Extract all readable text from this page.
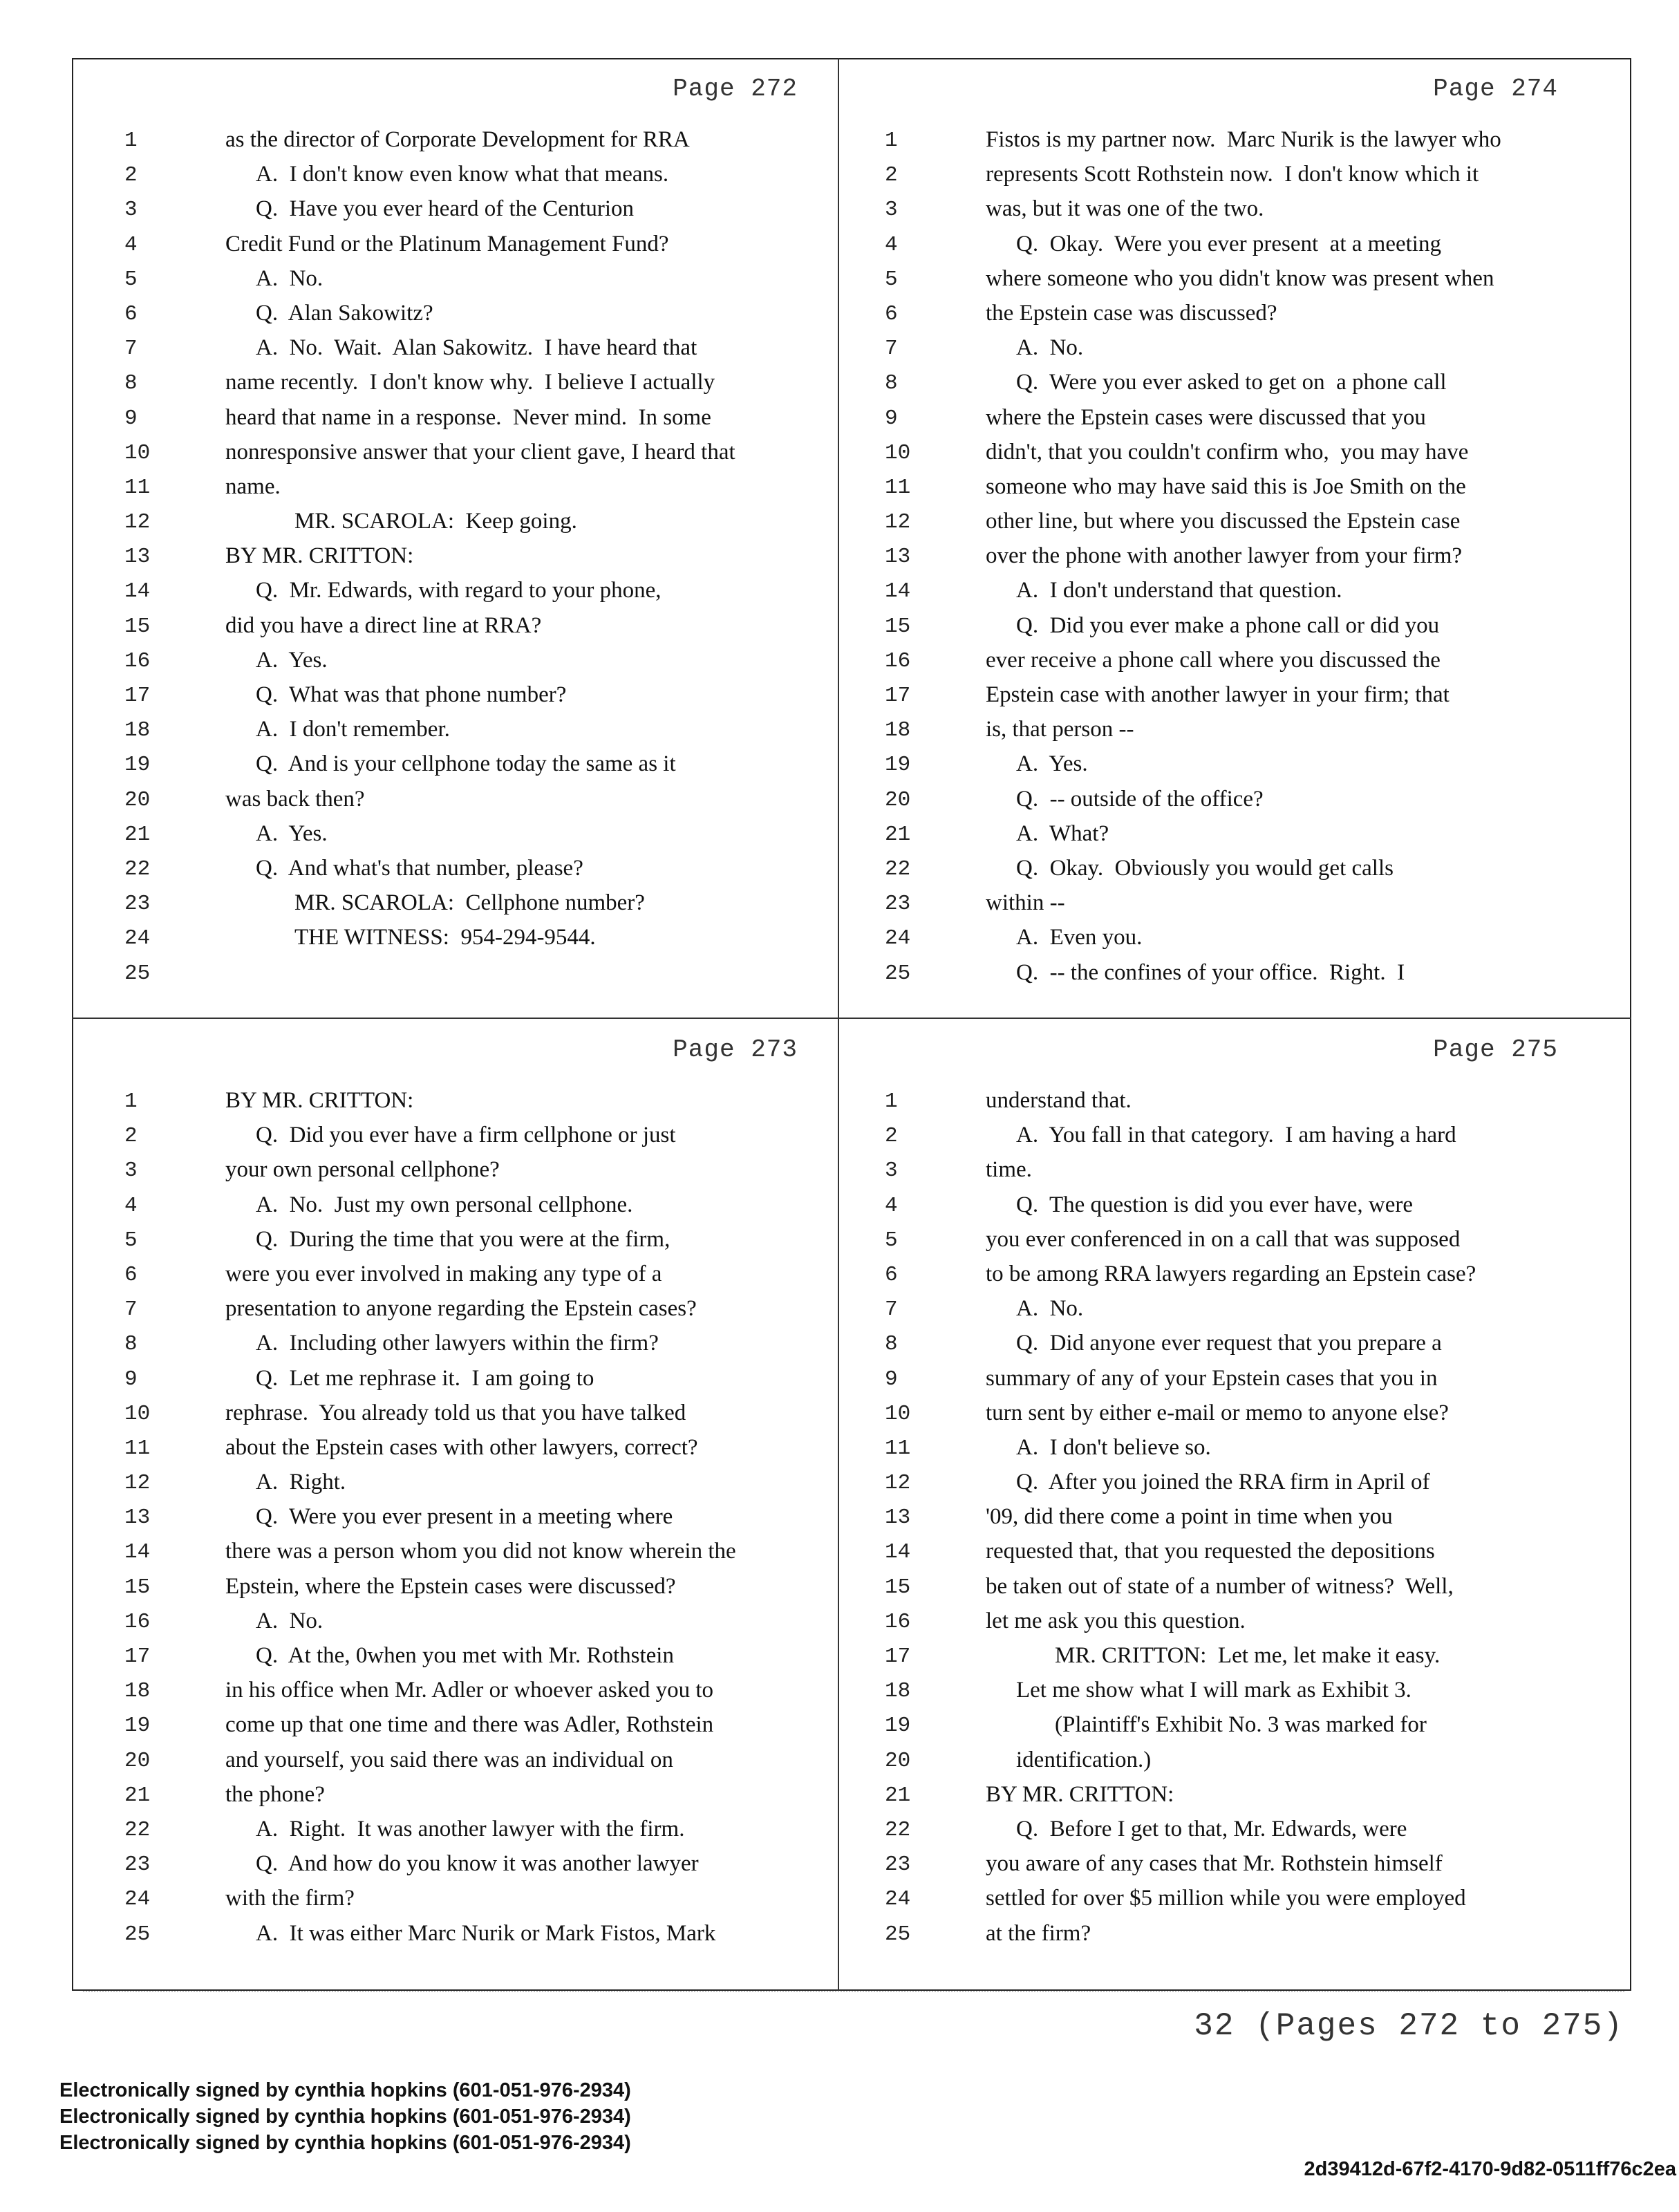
Page 272
1	as the director of Corporate Development for RRA
2	A.  I don't know even know what that means.
3	Q.  Have you ever heard of the Centurion
4	Credit Fund or the Platinum Management Fund?
5	A.  No.
6	Q.  Alan Sakowitz?
7	A.  No.  Wait.  Alan Sakowitz.  I have heard that
8	name recently.  I don't know why.  I believe I actually
9	heard that name in a response.  Never mind.  In some
10	nonresponsive answer that your client gave, I heard that
11	name.
12	MR. SCAROLA:  Keep going.
13	BY MR. CRITTON:
14	Q.  Mr. Edwards, with regard to your phone,
15	did you have a direct line at RRA?
16	A.  Yes.
17	Q.  What was that phone number?
18	A.  I don't remember.
19	Q.  And is your cellphone today the same as it
20	was back then?
21	A.  Yes.
22	Q.  And what's that number, please?
23	MR. SCAROLA:  Cellphone number?
24	THE WITNESS:  954-294-9544.
25
Page 274
1	Fistos is my partner now.  Marc Nurik is the lawyer who
2	represents Scott Rothstein now.  I don't know which it
3	was, but it was one of the two.
4	Q.  Okay.  Were you ever present  at a meeting
5	where someone who you didn't know was present when
6	the Epstein case was discussed?
7	A.  No.
8	Q.  Were you ever asked to get on  a phone call
9	where the Epstein cases were discussed that you
10	didn't, that you couldn't confirm who,  you may have
11	someone who may have said this is Joe Smith on the
12	other line, but where you discussed the Epstein case
13	over the phone with another lawyer from your firm?
14	A.  I don't understand that question.
15	Q.  Did you ever make a phone call or did you
16	ever receive a phone call where you discussed the
17	Epstein case with another lawyer in your firm; that
18	is, that person --
19	A.  Yes.
20	Q.  -- outside of the office?
21	A.  What?
22	Q.  Okay.  Obviously you would get calls
23	within --
24	A.  Even you.
25	Q.  -- the confines of your office.  Right.  I
Page 273
1	BY MR. CRITTON:
2	Q.  Did you ever have a firm cellphone or just
3	your own personal cellphone?
4	A.  No.  Just my own personal cellphone.
5	Q.  During the time that you were at the firm,
6	were you ever involved in making any type of a
7	presentation to anyone regarding the Epstein cases?
8	A.  Including other lawyers within the firm?
9	Q.  Let me rephrase it.  I am going to
10	rephrase.  You already told us that you have talked
11	about the Epstein cases with other lawyers, correct?
12	A.  Right.
13	Q.  Were you ever present in a meeting where
14	there was a person whom you did not know wherein the
15	Epstein, where the Epstein cases were discussed?
16	A.  No.
17	Q.  At the, 0when you met with Mr. Rothstein
18	in his office when Mr. Adler or whoever asked you to
19	come up that one time and there was Adler, Rothstein
20	and yourself, you said there was an individual on
21	the phone?
22	A.  Right.  It was another lawyer with the firm.
23	Q.  And how do you know it was another lawyer
24	with the firm?
25	A.  It was either Marc Nurik or Mark Fistos, Mark
Page 275
1	understand that.
2	A.  You fall in that category.  I am having a hard
3	time.
4	Q.  The question is did you ever have, were
5	you ever conferenced in on a call that was supposed
6	to be among RRA lawyers regarding an Epstein case?
7	A.  No.
8	Q.  Did anyone ever request that you prepare a
9	summary of any of your Epstein cases that you in
10	turn sent by either e-mail or memo to anyone else?
11	A.  I don't believe so.
12	Q.  After you joined the RRA firm in April of
13	'09, did there come a point in time when you
14	requested that, that you requested the depositions
15	be taken out of state of a number of witness?  Well,
16	let me ask you this question.
17	MR. CRITTON:  Let me, let make it easy.
18	Let me show what I will mark as Exhibit 3.
19	(Plaintiff's Exhibit No. 3 was marked for
20	identification.)
21	BY MR. CRITTON:
22	Q.  Before I get to that, Mr. Edwards, were
23	you aware of any cases that Mr. Rothstein himself
24	settled for over $5 million while you were employed
25	at the firm?
32 (Pages 272 to 275)
Electronically signed by cynthia hopkins (601-051-976-2934)
Electronically signed by cynthia hopkins (601-051-976-2934)
Electronically signed by cynthia hopkins (601-051-976-2934)
2d39412d-67f2-4170-9d82-0511ff76c2ea
